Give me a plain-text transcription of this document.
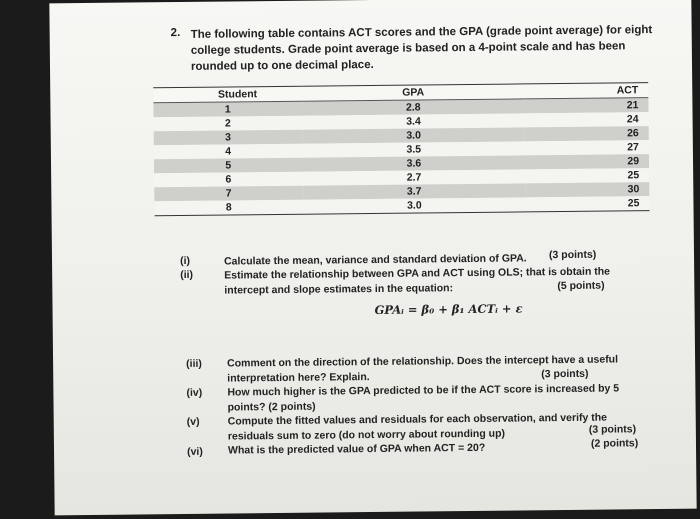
2. The following table contains ACT scores and the GPA (grade point average) for eight college students. Grade point average is based on a 4-point scale and has been rounded up to one decimal place.
Student	GPA	ACT
1	2.8	21
2	3.4	24
3	3.0	26
4	3.5	27
5	3.6	29
6	2.7	25
7	3.7	30
8	3.0	25
(i)	Calculate the mean, variance and standard deviation of GPA.	(3 points)
(ii)	Estimate the relationship between GPA and ACT using OLS; that is obtain the intercept and slope estimates in the equation:	(5 points)
GPAᵢ = β₀ + β₁ ACTᵢ + ε
(iii) Comment on the direction of the relationship. Does the intercept have a useful interpretation here? Explain.	(3 points)
(iv) How much higher is the GPA predicted to be if the ACT score is increased by 5 points? (2 points)
(v)	Compute the fitted values and residuals for each observation, and verify the residuals sum to zero (do not worry about rounding up)	(3 points)
(vi) What is the predicted value of GPA when ACT = 20?	(2 points)
